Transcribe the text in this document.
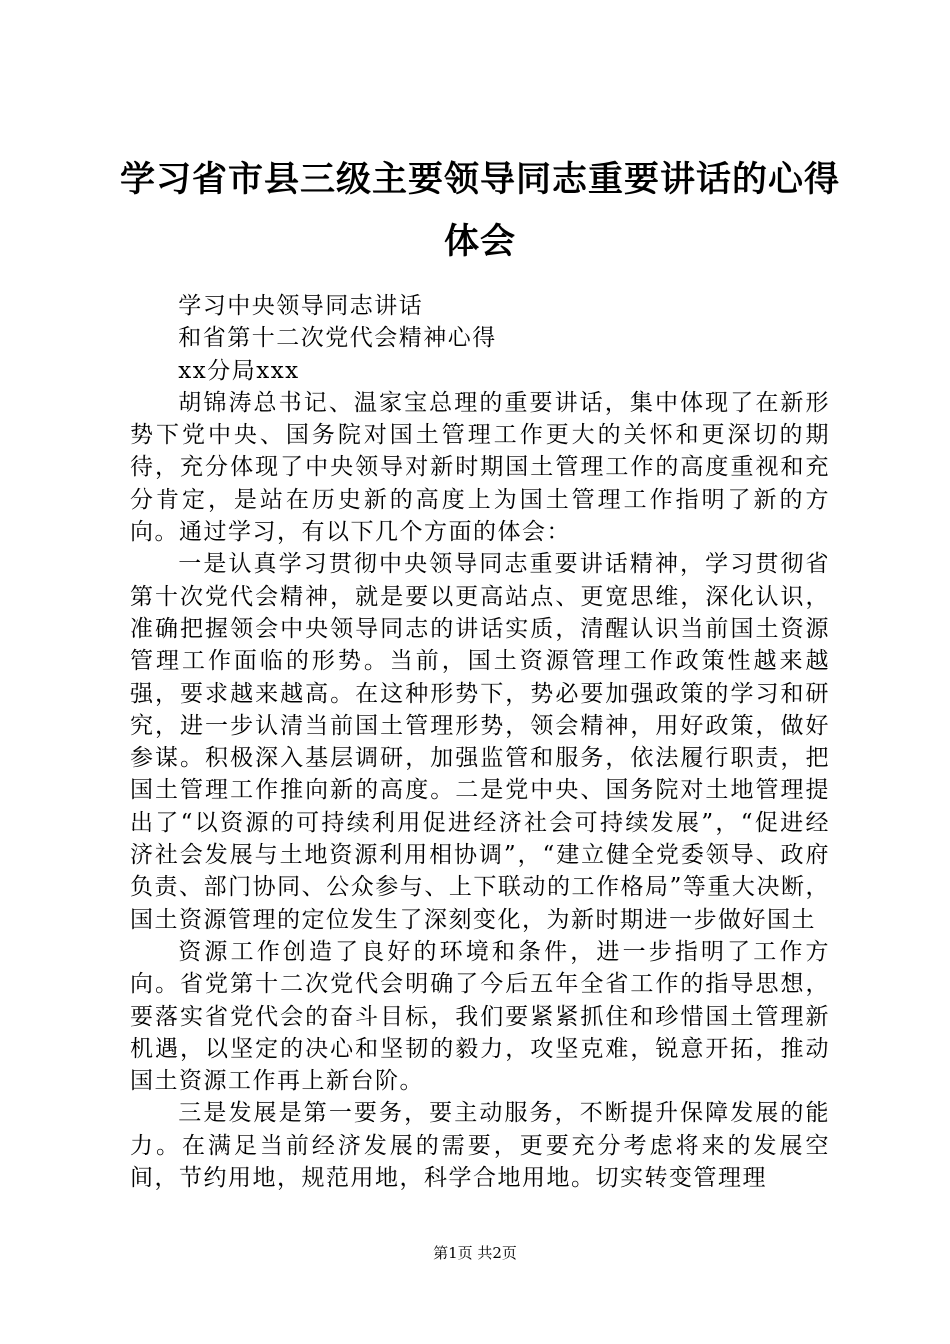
学习省市县三级主要领导同志重要讲话的心得
体会

学习中央领导同志讲话

和省第十二次党代会精神心得

xx分局xxx

胡锦涛总书记、温家宝总理的重要讲话，集中体现了在新形势下党中央、国务院对国土管理工作更大的关怀和更深切的期待，充分体现了中央领导对新时期国土管理工作的高度重视和充分肯定，是站在历史新的高度上为国土管理工作指明了新的方向。通过学习，有以下几个方面的体会：

一是认真学习贯彻中央领导同志重要讲话精神，学习贯彻省第十次党代会精神，就是要以更高站点、更宽思维，深化认识，准确把握领会中央领导同志的讲话实质，清醒认识当前国土资源管理工作面临的形势。当前，国土资源管理工作政策性越来越强，要求越来越高。在这种形势下，势必要加强政策的学习和研究，进一步认清当前国土管理形势，领会精神，用好政策，做好参谋。积极深入基层调研，加强监管和服务，依法履行职责，把国土管理工作推向新的高度。二是党中央、国务院对土地管理提出了“以资源的可持续利用促进经济社会可持续发展”，“促进经济社会发展与土地资源利用相协调”，“建立健全党委领导、政府负责、部门协同、公众参与、上下联动的工作格局”等重大决断，国土资源管理的定位发生了深刻变化，为新时期进一步做好国土

资源工作创造了良好的环境和条件，进一步指明了工作方向。省党第十二次党代会明确了今后五年全省工作的指导思想，要落实省党代会的奋斗目标，我们要紧紧抓住和珍惜国土管理新机遇，以坚定的决心和坚韧的毅力，攻坚克难，锐意开拓，推动国土资源工作再上新台阶。

三是发展是第一要务，要主动服务，不断提升保障发展的能力。在满足当前经济发展的需要，更要充分考虑将来的发展空间，节约用地，规范用地，科学合地用地。切实转变管理理

第1页 共2页
